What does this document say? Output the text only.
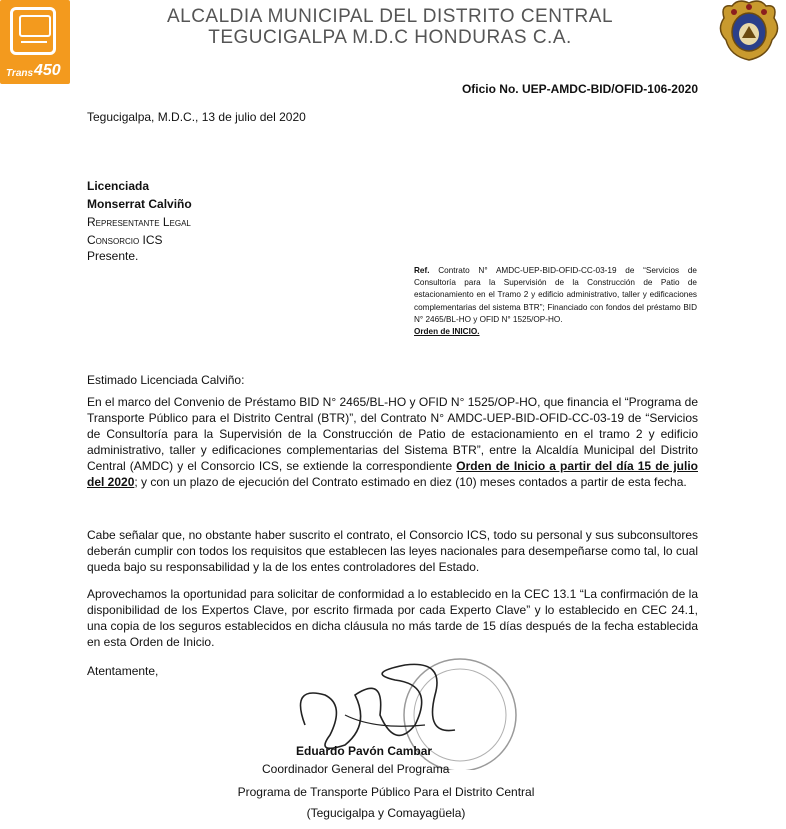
Trans 450
ALCALDIA MUNICIPAL DEL DISTRITO CENTRAL
TEGUCIGALPA M.D.C HONDURAS C.A.
Oficio No. UEP-AMDC-BID/OFID-106-2020
Tegucigalpa, M.D.C., 13 de julio del 2020
Licenciada
Monserrat Calviño
Representante Legal
Consorcio ICS
Presente.
Ref. Contrato N° AMDC-UEP-BID-OFID-CC-03-19 de “Servicios de Consultoría para la Supervisión de la Construcción de Patio de estacionamiento en el Tramo 2 y edificio administrativo, taller y edificaciones complementarias del sistema BTR”; Financiado con fondos del préstamo BID N° 2465/BL-HO y OFID N° 1525/OP-HO.
Orden de INICIO.
Estimado Licenciada Calviño:
En el marco del Convenio de Préstamo BID N° 2465/BL-HO y OFID N° 1525/OP-HO, que financia el “Programa de Transporte Público para el Distrito Central (BTR)”, del Contrato N° AMDC-UEP-BID-OFID-CC-03-19 de “Servicios de Consultoría para la Supervisión de la Construcción de Patio de estacionamiento en el tramo 2 y edificio administrativo, taller y edificaciones complementarias del Sistema BTR”, entre la Alcaldía Municipal del Distrito Central (AMDC) y el Consorcio ICS, se extiende la correspondiente Orden de Inicio a partir del día 15 de julio del 2020; y con un plazo de ejecución del Contrato estimado en diez (10) meses contados a partir de esta fecha.
Cabe señalar que, no obstante haber suscrito el contrato, el Consorcio ICS, todo su personal y sus subconsultores deberán cumplir con todos los requisitos que establecen las leyes nacionales para desempeñarse como tal, lo cual queda bajo su responsabilidad y la de los entes controladores del Estado.
Aprovechamos la oportunidad para solicitar de conformidad a lo establecido en la CEC 13.1 “La confirmación de la disponibilidad de los Expertos Clave, por escrito firmada por cada Experto Clave” y lo establecido en CEC 24.1, una copia de los seguros establecidos en dicha cláusula no más tarde de 15 días después de la fecha establecida en esta Orden de Inicio.
Atentamente,
Eduardo Pavón Cambar
Coordinador General del Programa
Programa de Transporte Público Para el Distrito Central
(Tegucigalpa y Comayagüela)
